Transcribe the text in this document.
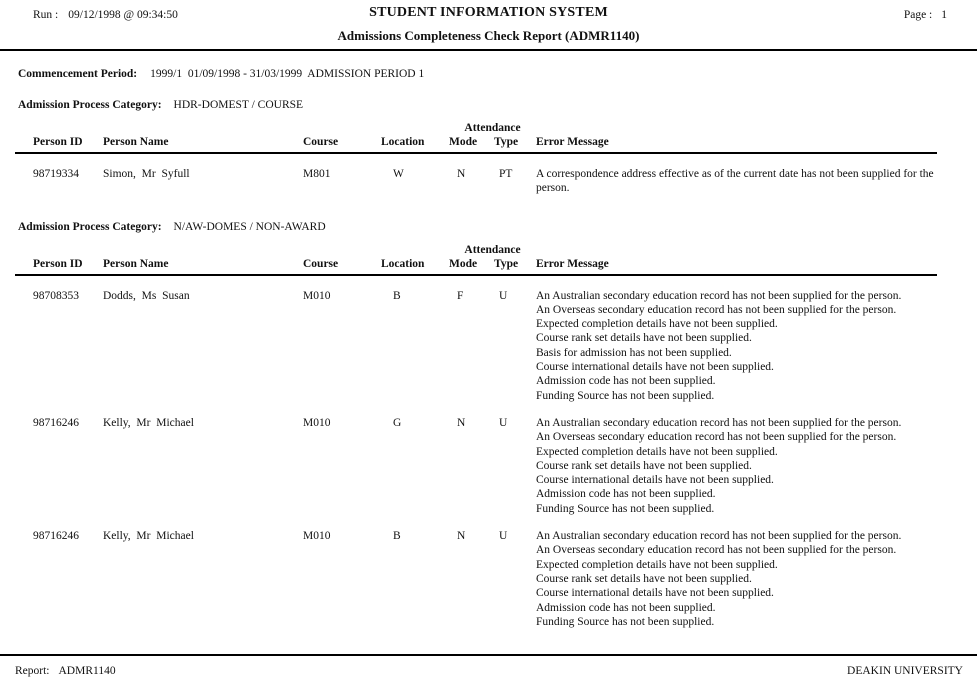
Run : 09/12/1998 @ 09:34:50	STUDENT INFORMATION SYSTEM
Admissions Completeness Check Report (ADMR1140)
Page : 1
Commencement Period: 1999/1  01/09/1998 - 31/03/1999  ADMISSION PERIOD 1
Admission Process Category: HDR-DOMEST / COURSE
Attendance
Person ID	Person Name	Course	Location	Mode	Type	Error Message
98719334	Simon,  Mr  Syfull	M801	W	N	PT	A correspondence address effective as of the current date has not been supplied for the person.
Admission Process Category: N/AW-DOMES / NON-AWARD
Attendance
Person ID	Person Name	Course	Location	Mode	Type	Error Message
98708353	Dodds,  Ms  Susan	M010	B	F	U	An Australian secondary education record has not been supplied for the person.
An Overseas secondary education record has not been supplied for the person.
Expected completion details have not been supplied.
Course rank set details have not been supplied.
Basis for admission has not been supplied.
Course international details have not been supplied.
Admission code has not been supplied.
Funding Source has not been supplied.
98716246	Kelly,  Mr  Michael	M010	G	N	U	An Australian secondary education record has not been supplied for the person.
An Overseas secondary education record has not been supplied for the person.
Expected completion details have not been supplied.
Course rank set details have not been supplied.
Course international details have not been supplied.
Admission code has not been supplied.
Funding Source has not been supplied.
98716246	Kelly,  Mr  Michael	M010	B	N	U	An Australian secondary education record has not been supplied for the person.
An Overseas secondary education record has not been supplied for the person.
Expected completion details have not been supplied.
Course rank set details have not been supplied.
Course international details have not been supplied.
Admission code has not been supplied.
Funding Source has not been supplied.
Report: ADMR1140	DEAKIN UNIVERSITY
